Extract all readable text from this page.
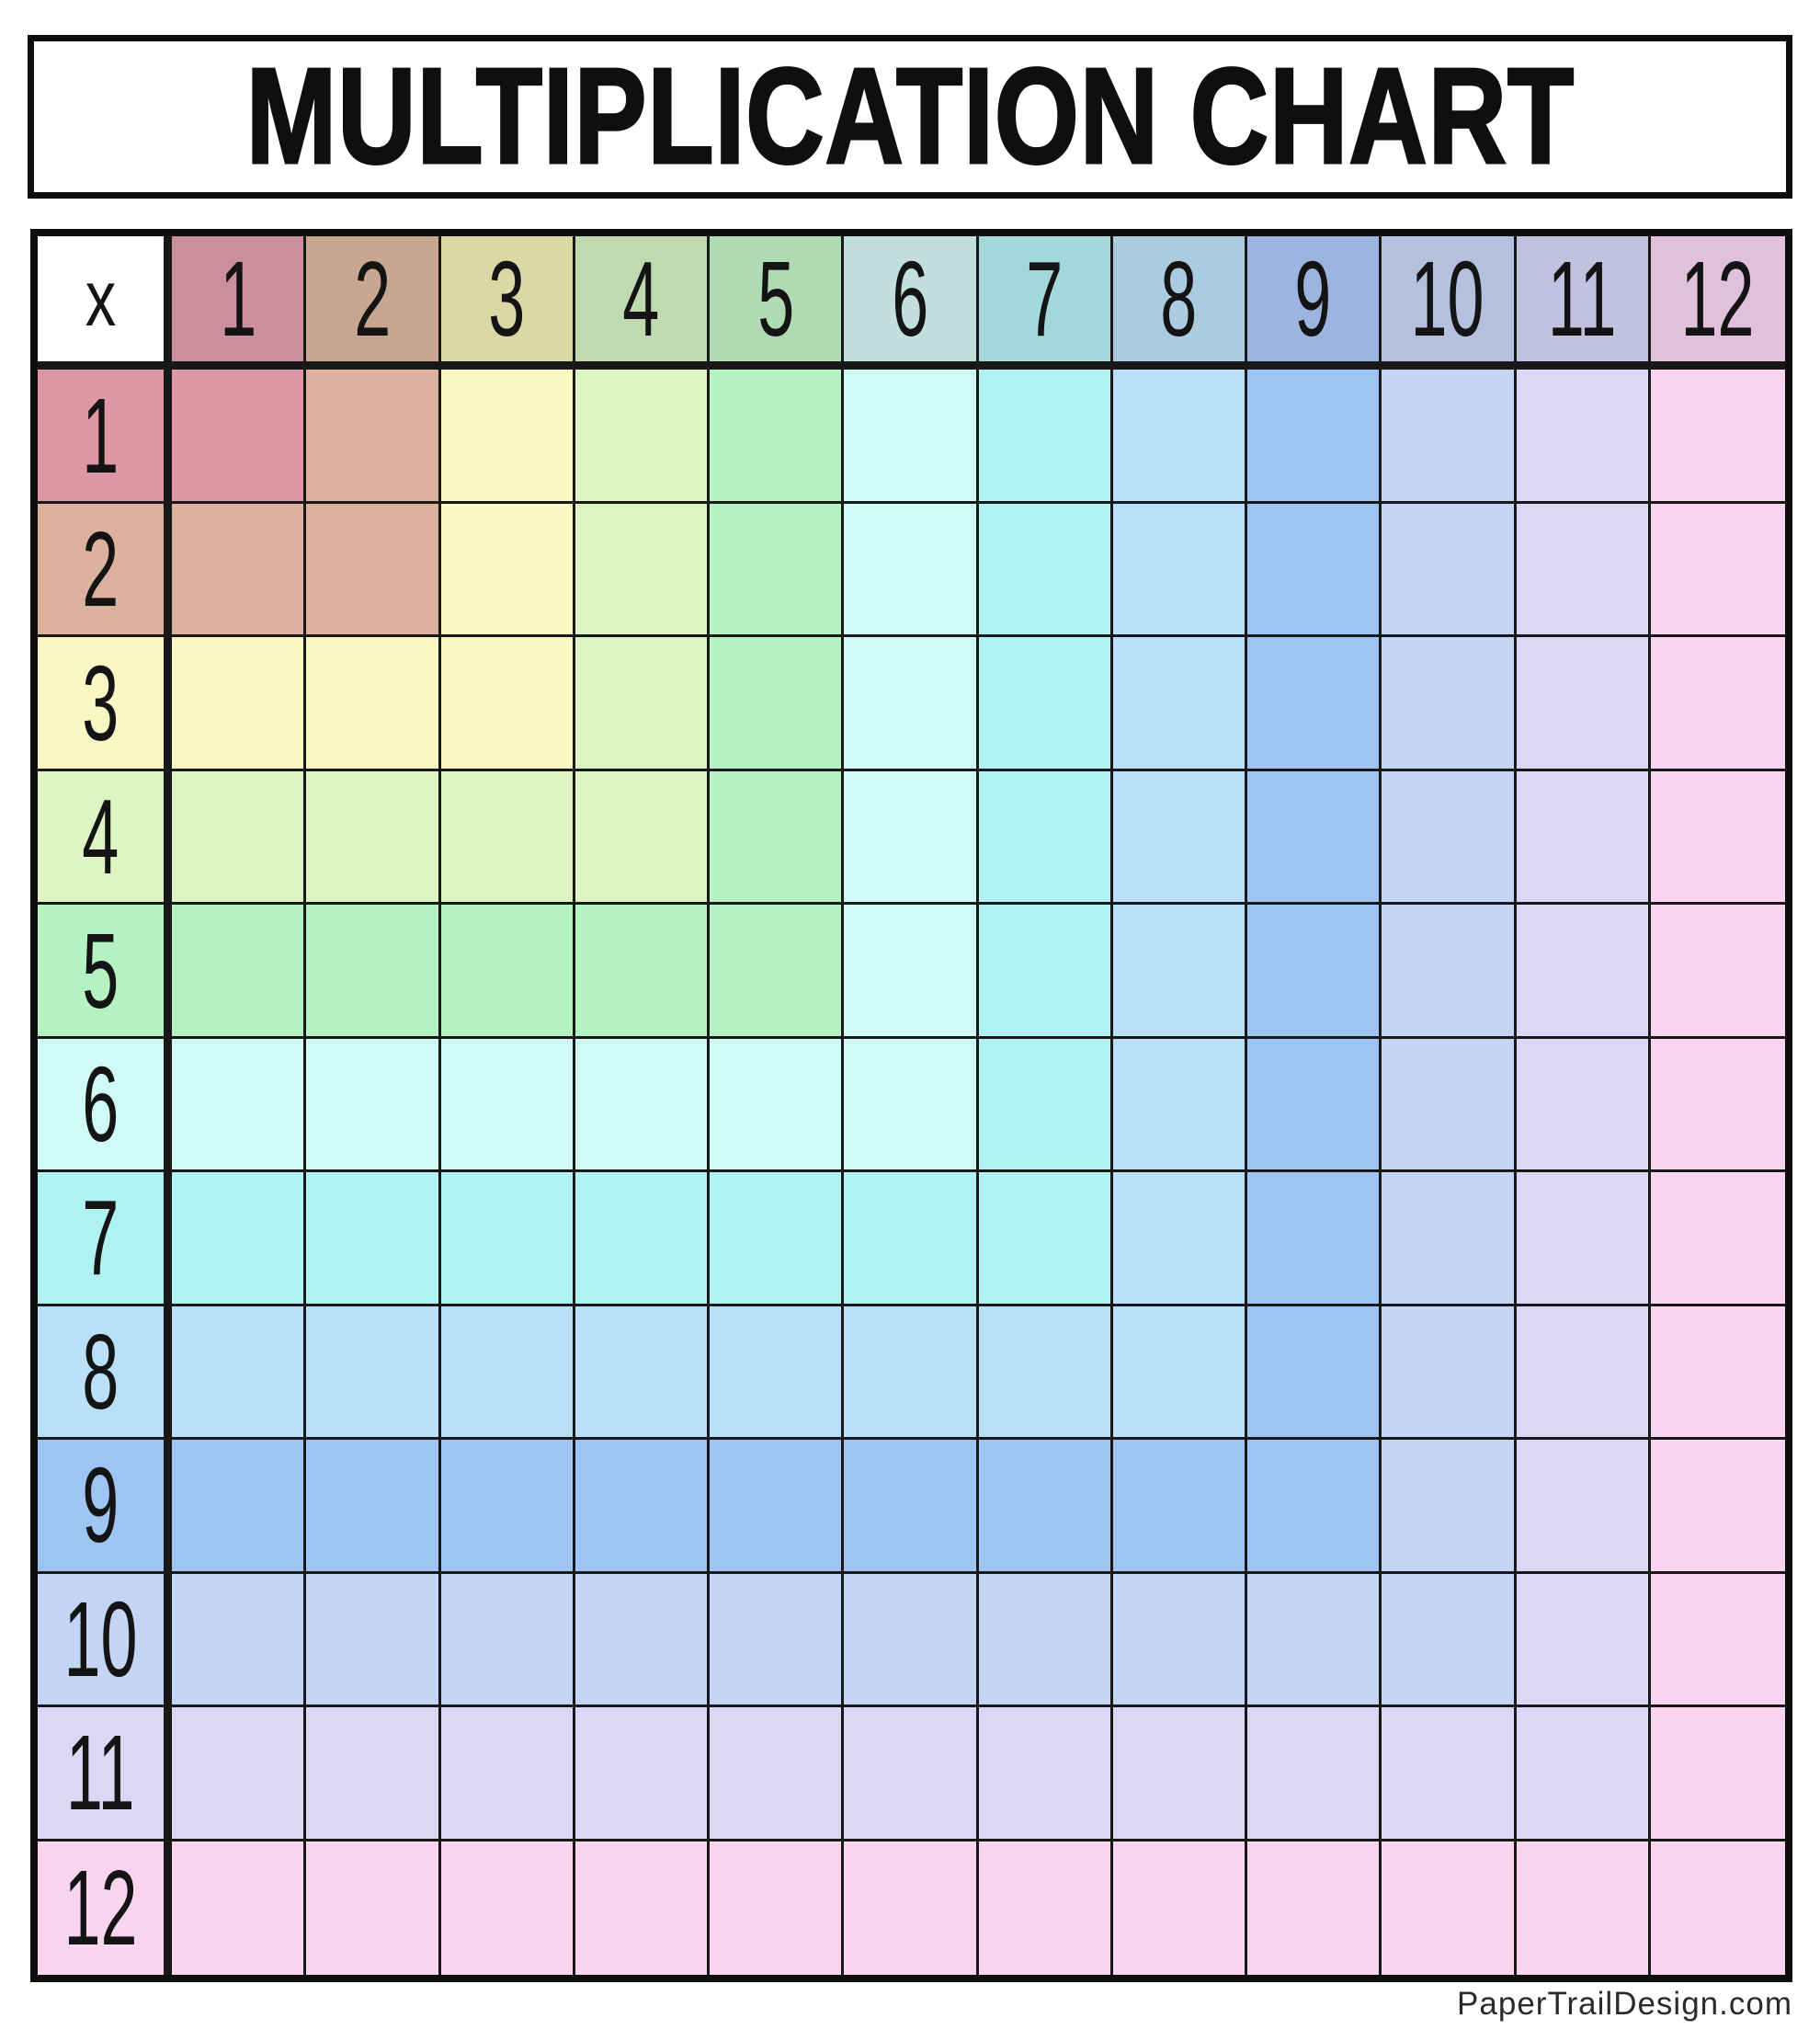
MULTIPLICATION CHART
x 1 2 3 4 5 6 7 8 9 10 11 12
1
2
3
4
5
6
7
8
9
10
11
12
PaperTrailDesign.com
